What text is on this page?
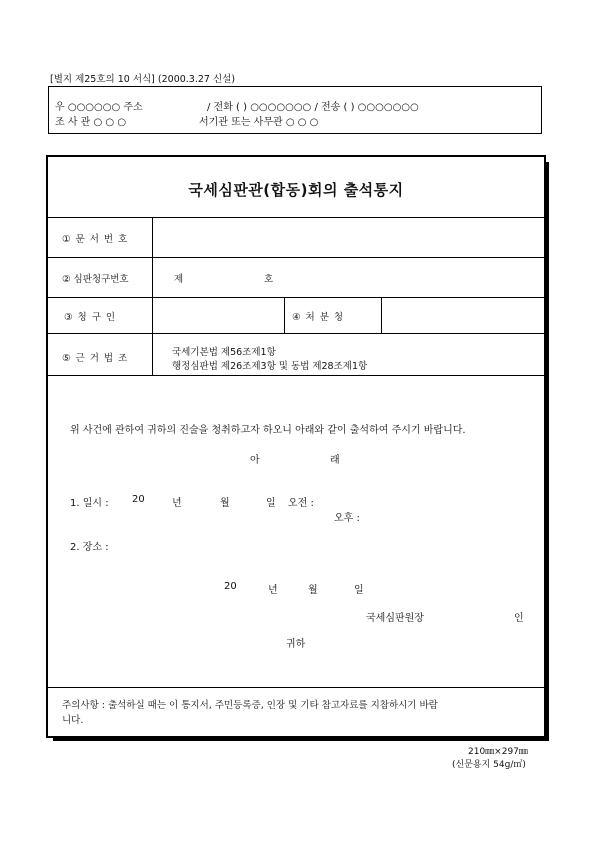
[별지 제25호의 10 서식] (2000.3.27 신설)
우 ○○○○○○ 주소	/ 전화 ( ) ○○○○○○○ / 전송 ( ) ○○○○○○○
조 사 관 ○ ○ ○	서기관 또는 사무관 ○ ○ ○
국세심판관(합동)회의 출석통지
① 문 서 번 호
② 심판청구번호	제	호
③ 청 구 인	④ 처 분 청
⑤ 근 거 법 조
국세기본법 제56조제1항
행정심판법 제26조제3항 및 동법 제28조제1항
위 사건에 관하여 귀하의 진술을 청취하고자 하오니 아래와 같이 출석하여 주시기 바랍니다.
아	래
1. 일시 : 20	년	월	일 오전 :
오후 :
2. 장소 :
20	년	월	일
국세심판원장	인
귀하
주의사항 : 출석하실 때는 이 통지서, 주민등록증, 인장 및 기타 참고자료를 지참하시기 바람
니다.
210㎜×297㎜
(신문용지 54g/㎡)
